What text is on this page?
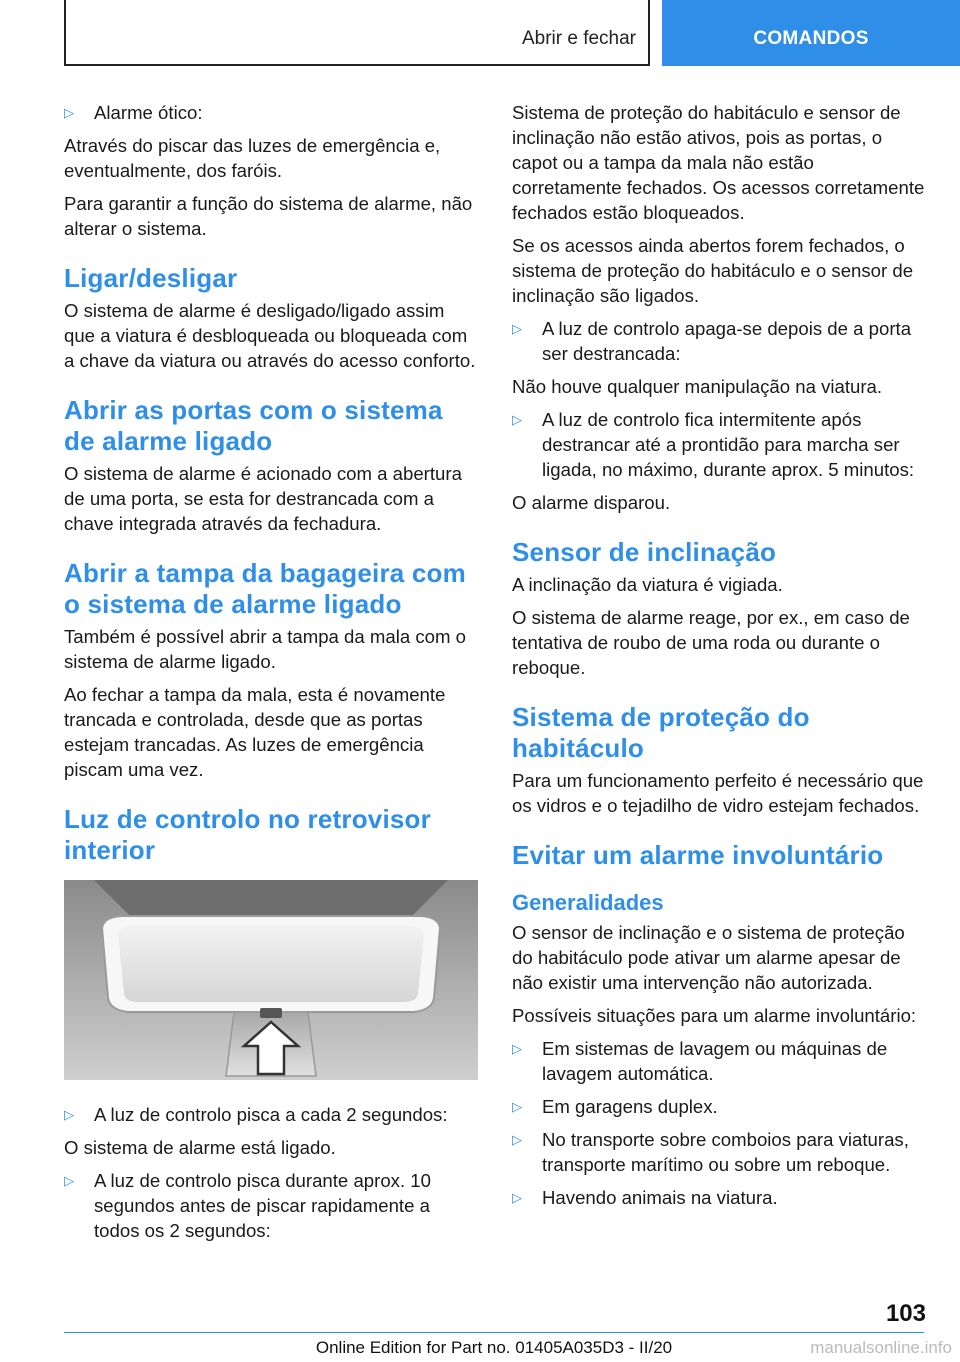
Abrir e fechar	COMANDOS
▷	Alarme ótico:

Através do piscar das luzes de emergência e, eventualmente, dos faróis.

Para garantir a função do sistema de alarme, não alterar o sistema.

Ligar/desligar

O sistema de alarme é desligado/ligado assim que a viatura é desbloqueada ou bloqueada com a chave da viatura ou através do acesso conforto.

Abrir as portas com o sistema de alarme ligado

O sistema de alarme é acionado com a abertura de uma porta, se esta for destrancada com a chave integrada através da fechadura.

Abrir a tampa da bagageira com o sistema de alarme ligado

Também é possível abrir a tampa da mala com o sistema de alarme ligado.

Ao fechar a tampa da mala, esta é novamente trancada e controlada, desde que as portas estejam trancadas. As luzes de emergência piscam uma vez.

Luz de controlo no retrovisor interior
▷	A luz de controlo pisca a cada 2 segundos:

O sistema de alarme está ligado.

▷	A luz de controlo pisca durante aprox. 10 segundos antes de piscar rapidamente a todos os 2 segundos:

Sistema de proteção do habitáculo e sensor de inclinação não estão ativos, pois as portas, o capot ou a tampa da mala não estão corretamente fechados. Os acessos corretamente fechados estão bloqueados.

Se os acessos ainda abertos forem fechados, o sistema de proteção do habitáculo e o sensor de inclinação são ligados.

▷	A luz de controlo apaga-se depois de a porta ser destrancada:

Não houve qualquer manipulação na viatura.

▷	A luz de controlo fica intermitente após destrancar até a prontidão para marcha ser ligada, no máximo, durante aprox. 5 minutos:

O alarme disparou.

Sensor de inclinação

A inclinação da viatura é vigiada.

O sistema de alarme reage, por ex., em caso de tentativa de roubo de uma roda ou durante o reboque.

Sistema de proteção do habitáculo

Para um funcionamento perfeito é necessário que os vidros e o tejadilho de vidro estejam fechados.

Evitar um alarme involuntário
Generalidades

O sensor de inclinação e o sistema de proteção do habitáculo pode ativar um alarme apesar de não existir uma intervenção não autorizada.

Possíveis situações para um alarme involuntário:

▷	Em sistemas de lavagem ou máquinas de lavagem automática.
▷	Em garagens duplex.
▷	No transporte sobre comboios para viaturas, transporte marítimo ou sobre um reboque.
▷	Havendo animais na viatura.
103
Online Edition for Part no. 01405A035D3 - II/20	manualsonline.info
